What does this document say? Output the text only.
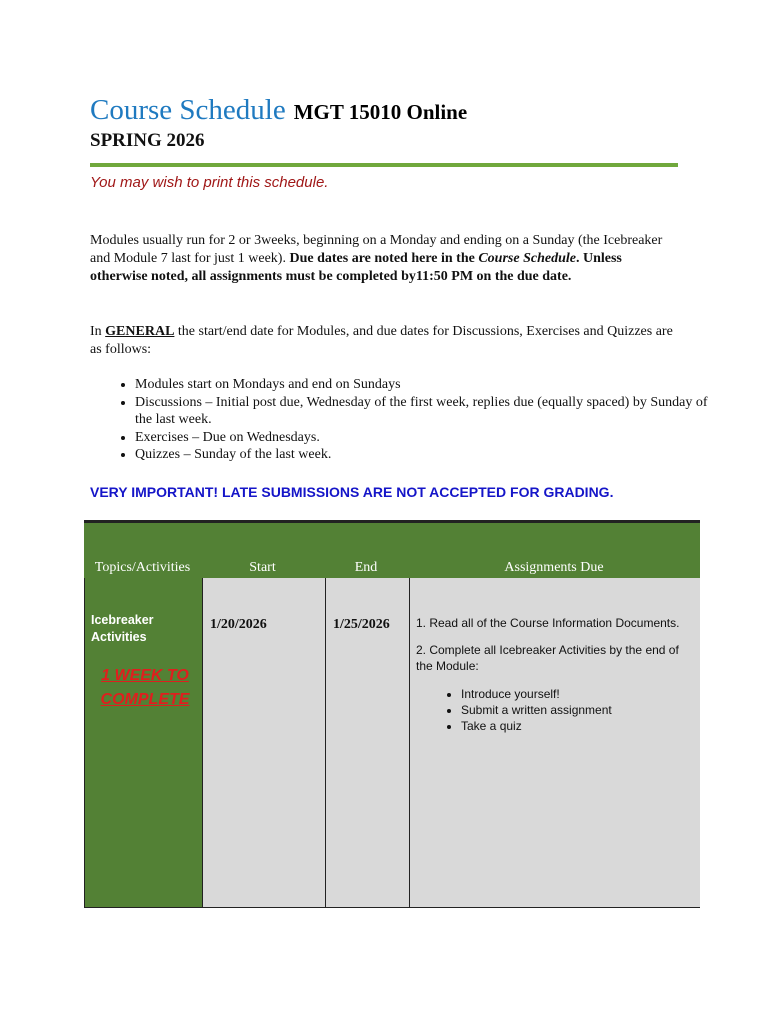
Course Schedule MGT 15010 Online
SPRING 2026
You may wish to print this schedule.

Modules usually run for 2 or 3weeks, beginning on a Monday and ending on a Sunday (the Icebreaker and Module 7 last for just 1 week). Due dates are noted here in the Course Schedule. Unless otherwise noted, all assignments must be completed by11:50 PM on the due date.

In GENERAL the start/end date for Modules, and due dates for Discussions, Exercises and Quizzes are as follows:

• Modules start on Mondays and end on Sundays
• Discussions – Initial post due, Wednesday of the first week, replies due (equally spaced) by Sunday of the last week.
• Exercises – Due on Wednesdays.
• Quizzes – Sunday of the last week.
VERY IMPORTANT! LATE SUBMISSIONS ARE NOT ACCEPTED FOR GRADING.
Topics/Activities	Start	End	Assignments Due
Icebreaker Activities
1 WEEK TO COMPLETE
1/20/2026	1/25/2026 1. Read all of the Course Information Documents.

2. Complete all Icebreaker Activities by the end of the Module:

• Introduce yourself!
• Submit a written assignment
• Take a quiz
